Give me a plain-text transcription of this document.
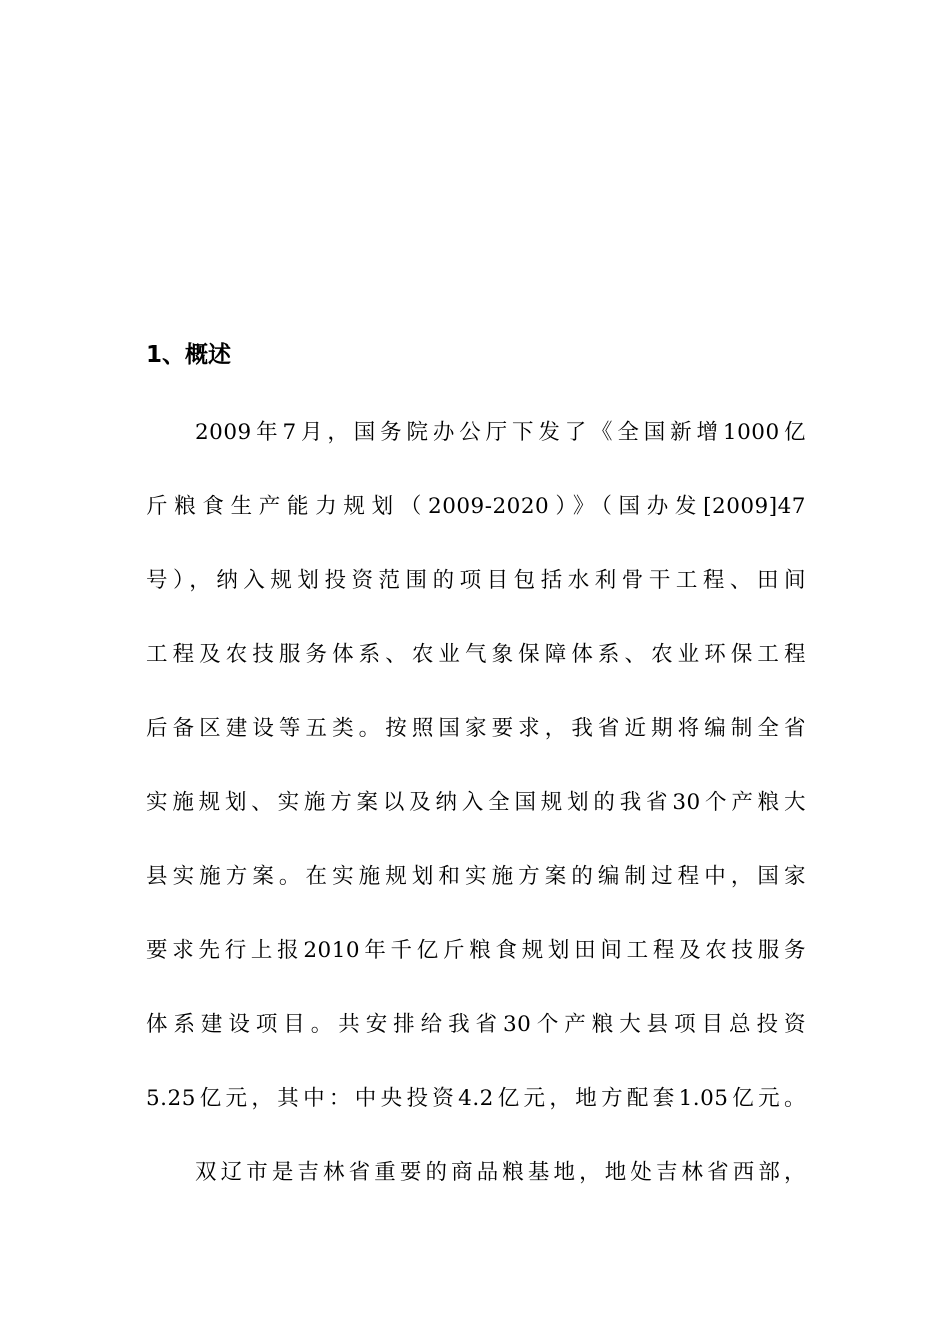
1、概述
2009年7月，国务院办公厅下发了《全国新增1000亿
斤粮食生产能力规划（2009-2020）》（国办发[2009]47
号），纳入规划投资范围的项目包括水利骨干工程、田间
工程及农技服务体系、农业气象保障体系、农业环保工程
后备区建设等五类。按照国家要求，我省近期将编制全省
实施规划、实施方案以及纳入全国规划的我省30个产粮大
县实施方案。在实施规划和实施方案的编制过程中，国家
要求先行上报2010年千亿斤粮食规划田间工程及农技服务
体系建设项目。共安排给我省30个产粮大县项目总投资
5.25亿元，其中：中央投资4.2亿元，地方配套1.05亿元。
双辽市是吉林省重要的商品粮基地，地处吉林省西部，
